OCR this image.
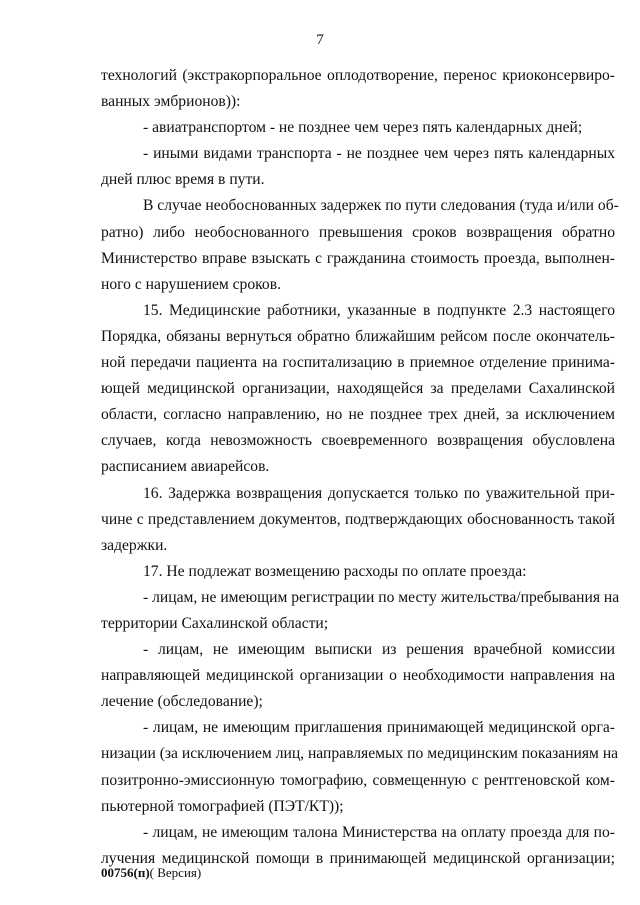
7
технологий (экстракорпоральное оплодотворение, перенос криоконсервиро-
ванных эмбрионов)):
- авиатранспортом - не позднее чем через пять календарных дней;
- иными видами транспорта - не позднее чем через пять календарных
дней плюс время в пути.
В случае необоснованных задержек по пути следования (туда и/или об-
ратно) либо необоснованного превышения сроков возвращения обратно
Министерство вправе взыскать с гражданина стоимость проезда, выполнен-
ного с нарушением сроков.
15. Медицинские работники, указанные в подпункте 2.3 настоящего
Порядка, обязаны вернуться обратно ближайшим рейсом после окончатель-
ной передачи пациента на госпитализацию в приемное отделение принима-
ющей медицинской организации, находящейся за пределами Сахалинской
области, согласно направлению, но не позднее трех дней, за исключением
случаев, когда невозможность своевременного возвращения обусловлена
расписанием авиарейсов.
16. Задержка возвращения допускается только по уважительной при-
чине с представлением документов, подтверждающих обоснованность такой
задержки.
17. Не подлежат возмещению расходы по оплате проезда:
- лицам, не имеющим регистрации по месту жительства/пребывания на
территории Сахалинской области;
- лицам, не имеющим выписки из решения врачебной комиссии
направляющей медицинской организации о необходимости направления на
лечение (обследование);
- лицам, не имеющим приглашения принимающей медицинской орга-
низации (за исключением лиц, направляемых по медицинским показаниям на
позитронно-эмиссионную томографию, совмещенную с рентгеновской ком-
пьютерной томографией (ПЭТ/КТ));
- лицам, не имеющим талона Министерства на оплату проезда для по-
лучения медицинской помощи в принимающей медицинской организации;
00756(п)( Версия)
